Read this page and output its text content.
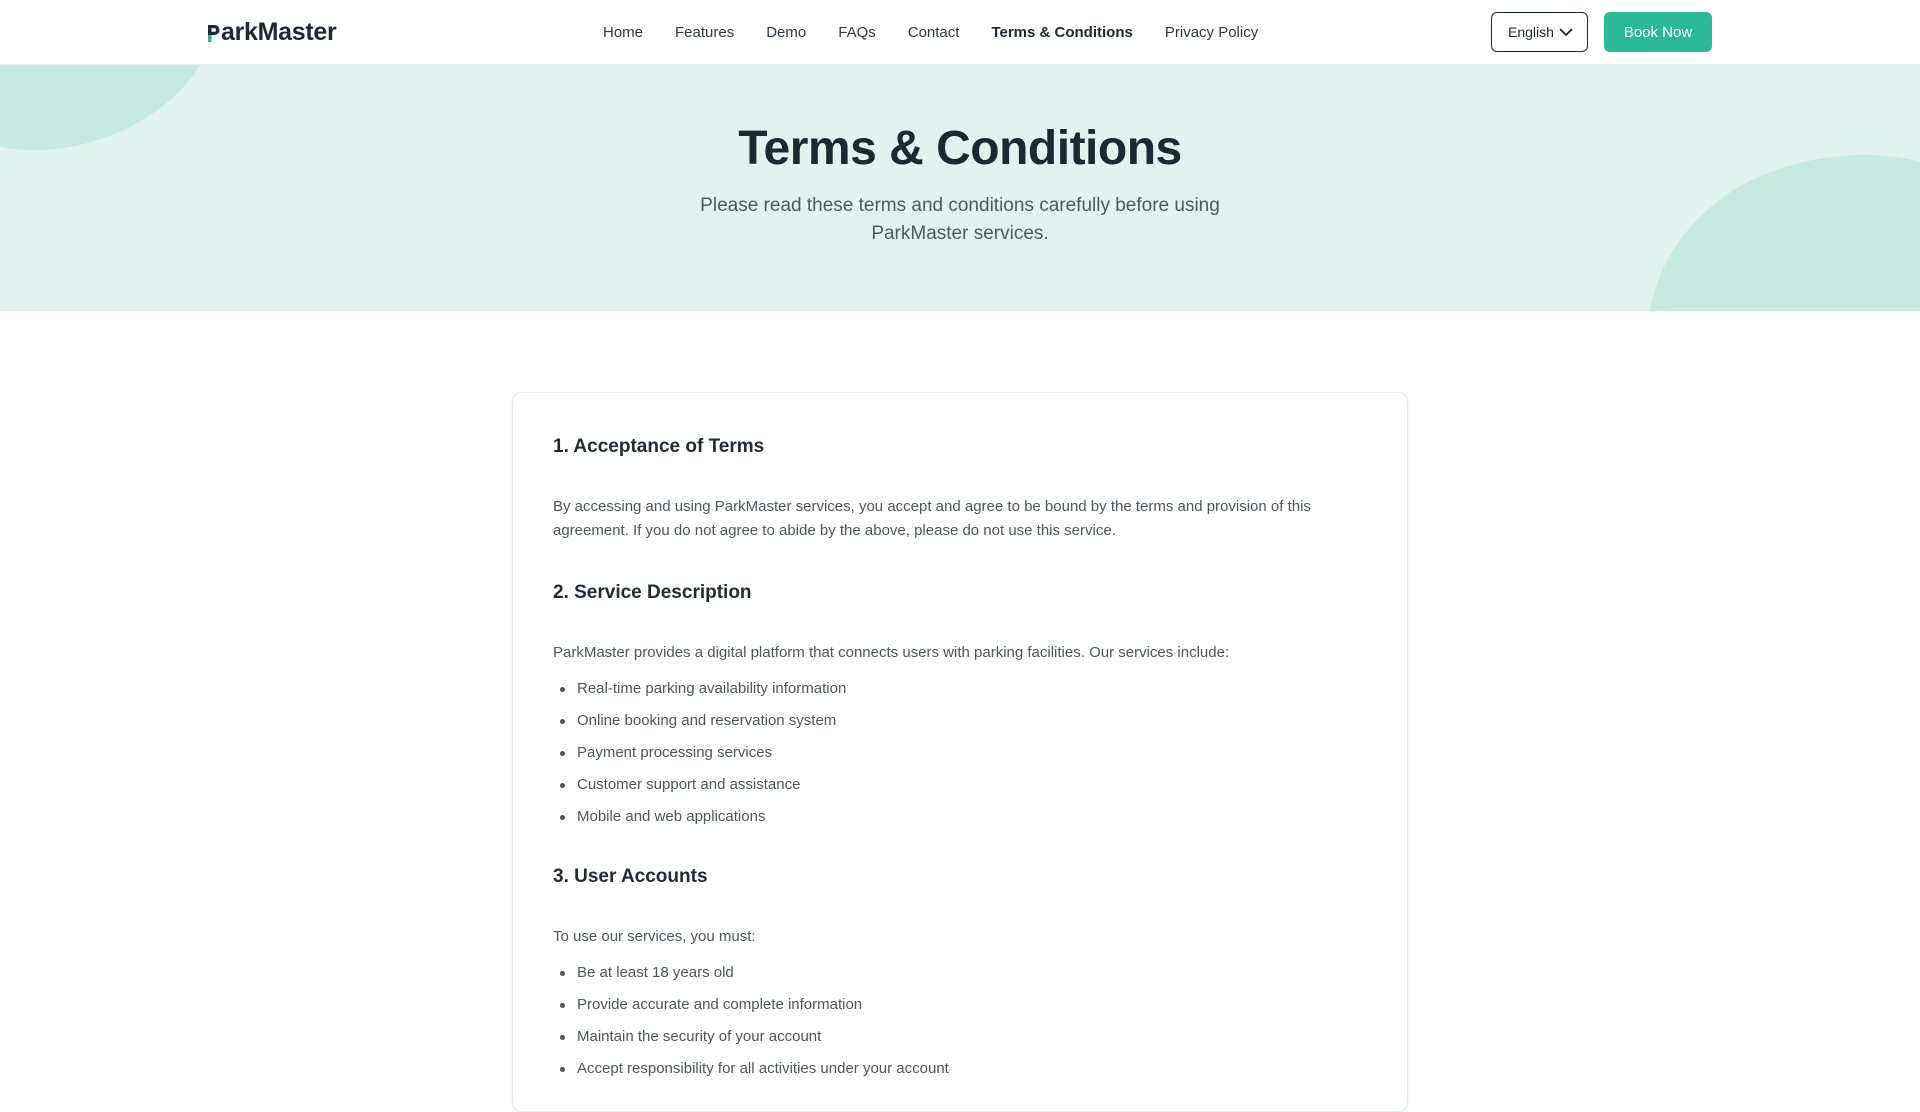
arkMaster	Home Features Demo FAQs Contact Terms & Conditions Privacy Policy	English	Book Now
Terms & Conditions

Please read these terms and conditions carefully before using ParkMaster services.

1. Acceptance of Terms

By accessing and using ParkMaster services, you accept and agree to be bound by the terms and provision of this agreement. If you do not agree to abide by the above, please do not use this service.

2. Service Description

ParkMaster provides a digital platform that connects users with parking facilities. Our services include:

Real-time parking availability information
Online booking and reservation system
Payment processing services
Customer support and assistance
Mobile and web applications
3. User Accounts

To use our services, you must:

Be at least 18 years old
Provide accurate and complete information
Maintain the security of your account
Accept responsibility for all activities under your account
